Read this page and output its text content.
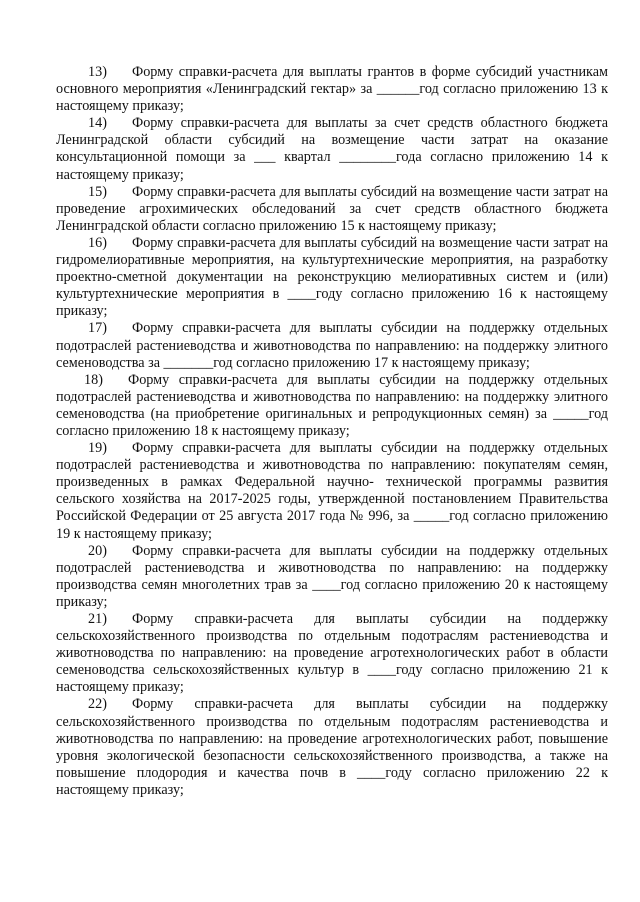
13) Форму справки-расчета для выплаты грантов в форме субсидий участникам основного мероприятия «Ленинградский гектар» за ______год согласно приложению 13 к настоящему приказу;

14) Форму справки-расчета для выплаты за счет средств областного бюджета Ленинградской области субсидий на возмещение части затрат на оказание консультационной помощи за ___ квартал ________года согласно приложению 14 к настоящему приказу;

15) Форму справки-расчета для выплаты субсидий на возмещение части затрат на проведение агрохимических обследований за счет средств областного бюджета Ленинградской области согласно приложению 15 к настоящему приказу;

16) Форму справки-расчета для выплаты субсидий на возмещение части затрат на гидромелиоративные мероприятия, на культуртехнические мероприятия, на разработку проектно-сметной документации на реконструкцию мелиоративных систем и (или) культуртехнические мероприятия в ____году согласно приложению 16 к настоящему приказу;

17) Форму справки-расчета для выплаты субсидии на поддержку отдельных подотраслей растениеводства и животноводства по направлению: на поддержку элитного семеноводства за _______год согласно приложению 17 к настоящему приказу;

18) Форму справки-расчета для выплаты субсидии на поддержку отдельных подотраслей растениеводства и животноводства по направлению: на поддержку элитного семеноводства (на приобретение оригинальных и репродукционных семян) за _____год согласно приложению 18 к настоящему приказу;

19) Форму справки-расчета для выплаты субсидии на поддержку отдельных подотраслей растениеводства и животноводства по направлению: покупателям семян, произведенных в рамках Федеральной научно- технической программы развития сельского хозяйства на 2017-2025 годы, утвержденной постановлением Правительства Российской Федерации от 25 августа 2017 года № 996, за _____год согласно приложению 19 к настоящему приказу;

20) Форму справки-расчета для выплаты субсидии на поддержку отдельных подотраслей растениеводства и животноводства по направлению: на поддержку производства семян многолетних трав за ____год согласно приложению 20 к настоящему приказу;

21) Форму справки-расчета для выплаты субсидии на поддержку сельскохозяйственного производства по отдельным подотраслям растениеводства и животноводства по направлению: на проведение агротехнологических работ в области семеноводства сельскохозяйственных культур в ____году согласно приложению 21 к настоящему приказу;

22) Форму справки-расчета для выплаты субсидии на поддержку сельскохозяйственного производства по отдельным подотраслям растениеводства и животноводства по направлению: на проведение агротехнологических работ, повышение уровня экологической безопасности сельскохозяйственного производства, а также на повышение плодородия и качества почв в ____году согласно приложению 22 к настоящему приказу;
